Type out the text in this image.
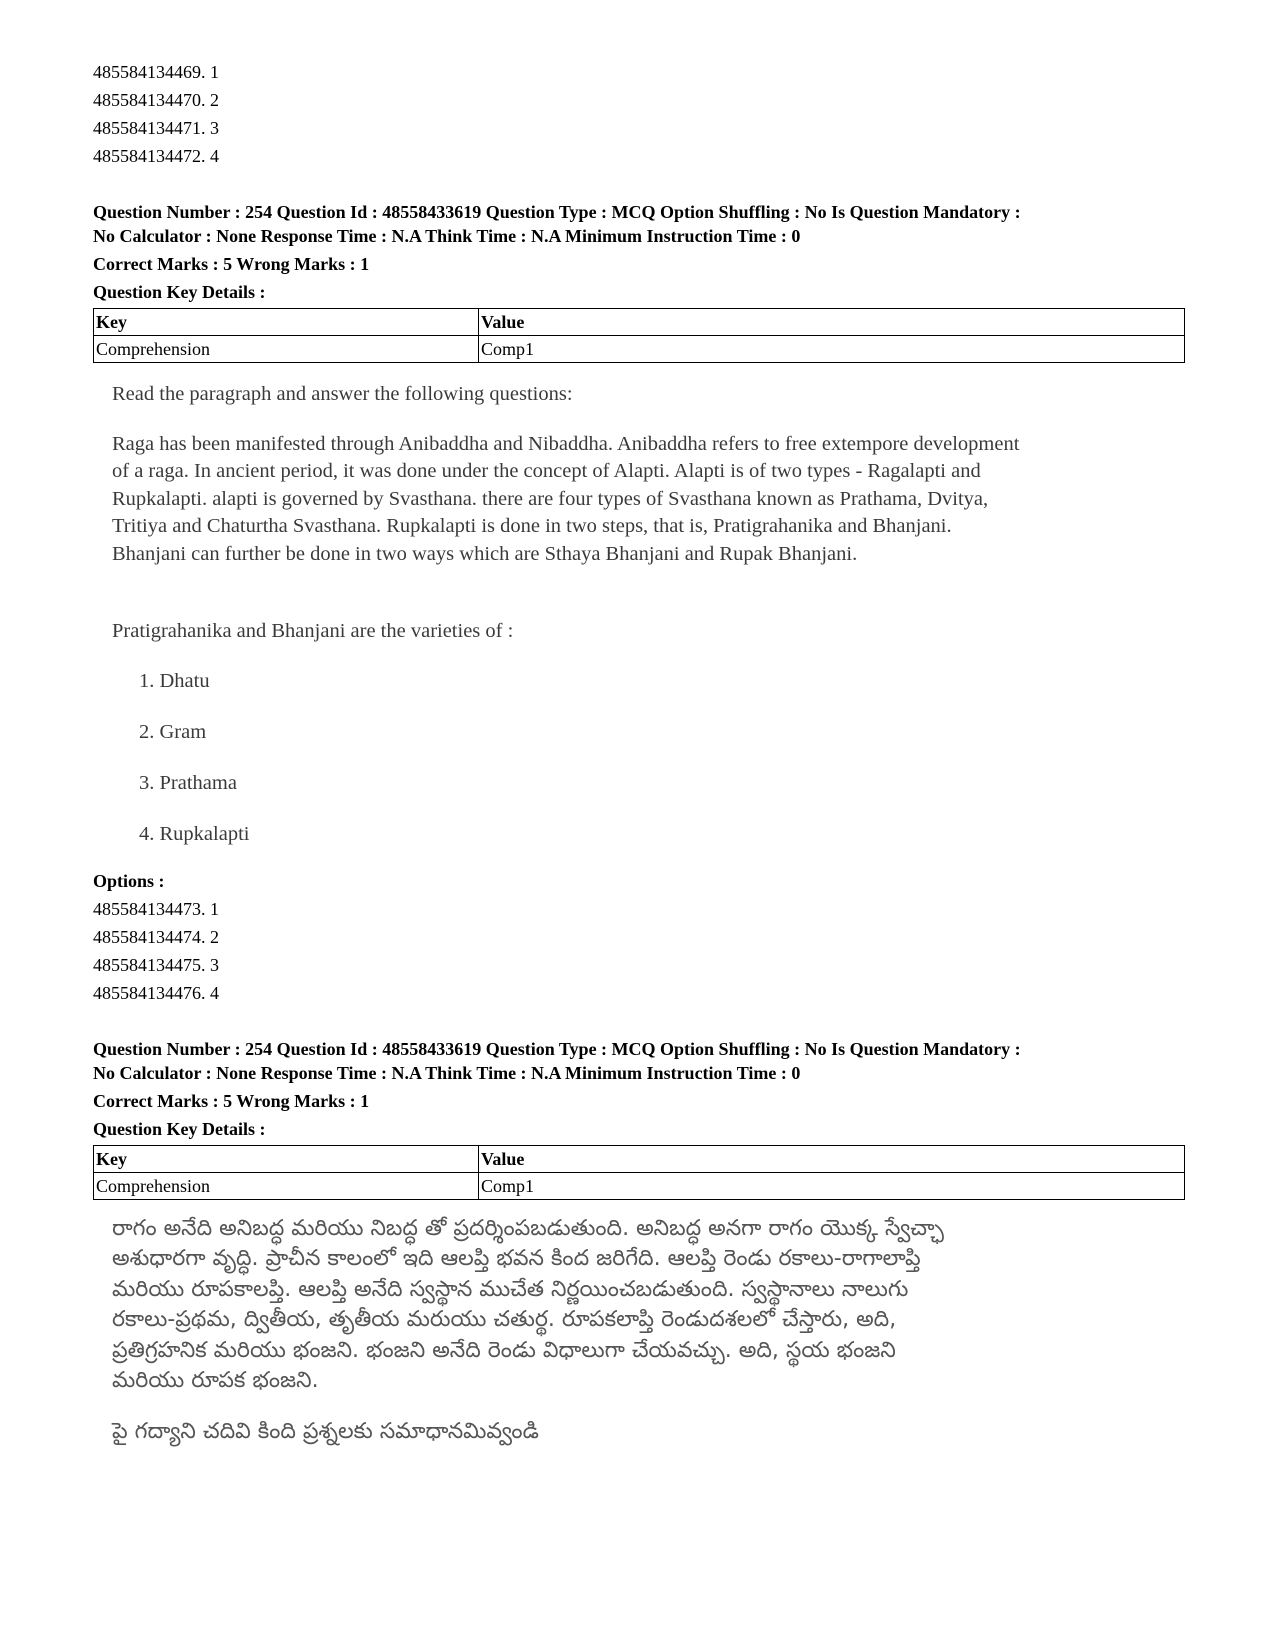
485584134469. 1
485584134470. 2
485584134471. 3
485584134472. 4
Question Number : 254 Question Id : 48558433619 Question Type : MCQ Option Shuffling : No Is Question Mandatory :
No Calculator : None Response Time : N.A Think Time : N.A Minimum Instruction Time : 0
Correct Marks : 5 Wrong Marks : 1
Question Key Details :
Key	Value
Comprehension	Comp1
Read the paragraph and answer the following questions:
Raga has been manifested through Anibaddha and Nibaddha. Anibaddha refers to free extempore development
of a raga. In ancient period, it was done under the concept of Alapti. Alapti is of two types - Ragalapti and
Rupkalapti. alapti is governed by Svasthana. there are four types of Svasthana known as Prathama, Dvitya,
Tritiya and Chaturtha Svasthana. Rupkalapti is done in two steps, that is, Pratigrahanika and Bhanjani.
Bhanjani can further be done in two ways which are Sthaya Bhanjani and Rupak Bhanjani.
Pratigrahanika and Bhanjani are the varieties of :
1. Dhatu
2. Gram
3. Prathama
4. Rupkalapti
Options :
485584134473. 1
485584134474. 2
485584134475. 3
485584134476. 4
Question Number : 254 Question Id : 48558433619 Question Type : MCQ Option Shuffling : No Is Question Mandatory :
No Calculator : None Response Time : N.A Think Time : N.A Minimum Instruction Time : 0
Correct Marks : 5 Wrong Marks : 1
Question Key Details :
Key	Value
Comprehension	Comp1
రాగం అనేది అనిబద్ధ మరియు నిబద్ధ తో ప్రదర్శింపబడుతుంది. అనిబద్ధ అనగా రాగం యొక్క స్వేచ్ఛా
అశుధారగా వృద్ధి. ప్రాచీన కాలంలో ఇది ఆలప్తి భవన కింద జరిగేది. ఆలప్తి రెండు రకాలు-రాగాలాప్తి
మరియు రూపకాలప్తి. ఆలప్తి అనేది స్వస్థాన ముచేత నిర్ణయించబడుతుంది. స్వస్థానాలు నాలుగు
రకాలు-ప్రథమ, ద్వితీయ, తృతీయ మరుయు చతుర్థ. రూపకలాప్తి రెండుదశలలో చేస్తారు, అది,
ప్రతిగ్రహనిక మరియు భంజని. భంజని అనేది రెండు విధాలుగా చేయవచ్చు. అది, స్థయ భంజని
మరియు రూపక భంజని.
పై గద్యాని చదివి కింది ప్రశ్నలకు సమాధానమివ్వండి
